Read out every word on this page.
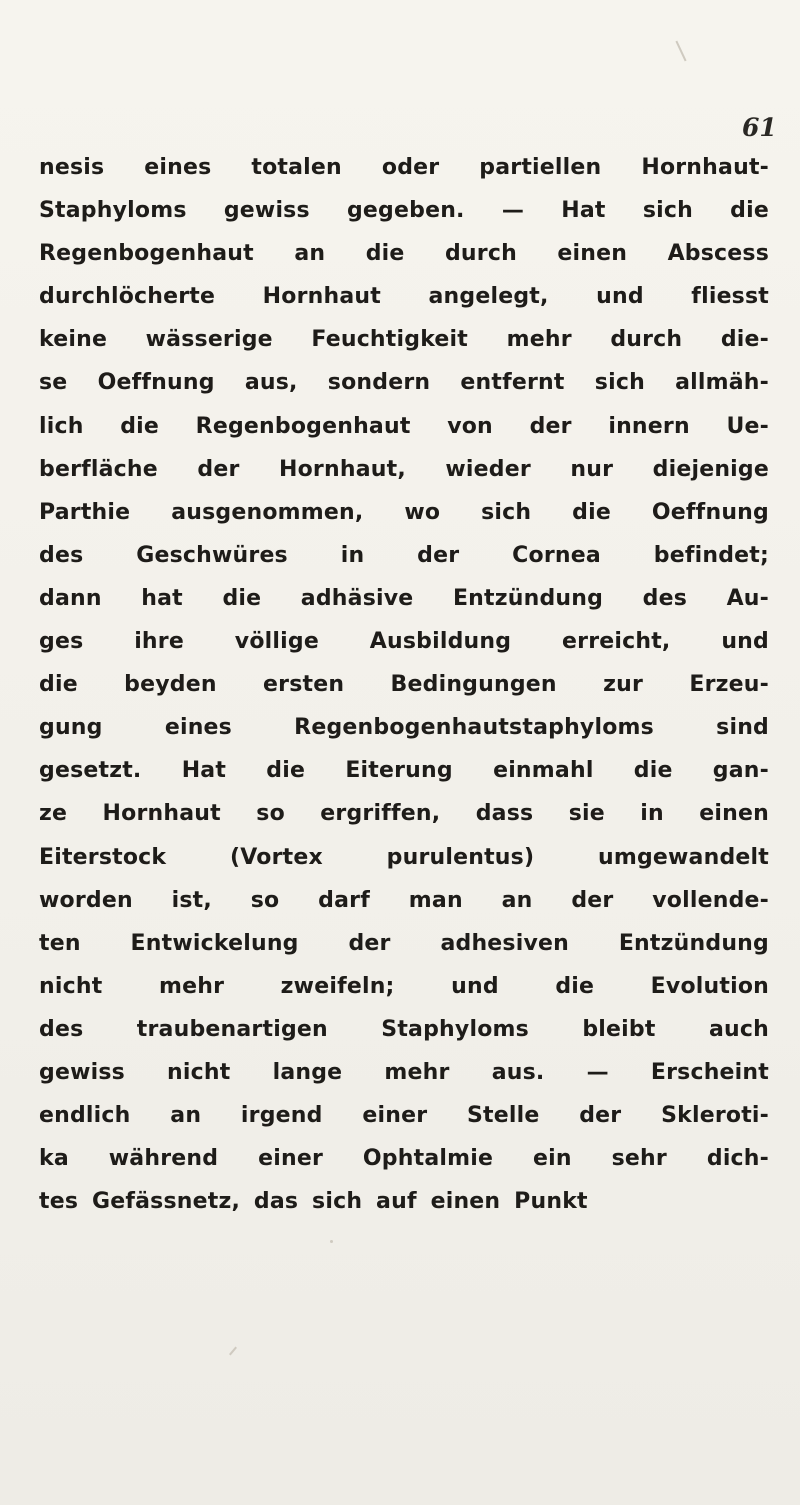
61
nesis eines totalen oder partiellen Hornhaut-
Staphyloms gewiss gegeben. — Hat sich die
Regenbogenhaut an die durch einen Abscess
durchlöcherte Hornhaut angelegt, und fliesst
keine wässerige Feuchtigkeit mehr durch die-
se Oeffnung aus, sondern entfernt sich allmäh-
lich die Regenbogenhaut von der innern Ue-
berfläche der Hornhaut, wieder nur diejenige
Parthie ausgenommen, wo sich die Oeffnung
des Geschwüres in der Cornea befindet;
dann hat die adhäsive Entzündung des Au-
ges ihre völlige Ausbildung erreicht, und
die beyden ersten Bedingungen zur Erzeu-
gung eines Regenbogenhautstaphyloms sind
gesetzt. Hat die Eiterung einmahl die gan-
ze Hornhaut so ergriffen, dass sie in einen
Eiterstock (Vortex purulentus) umgewandelt
worden ist, so darf man an der vollende-
ten Entwickelung der adhesiven Entzündung
nicht mehr zweifeln; und die Evolution
des traubenartigen Staphyloms bleibt auch
gewiss nicht lange mehr aus. — Erscheint
endlich an irgend einer Stelle der Skleroti-
ka während einer Ophtalmie ein sehr dich-
tes Gefässnetz, das sich auf einen Punkt
